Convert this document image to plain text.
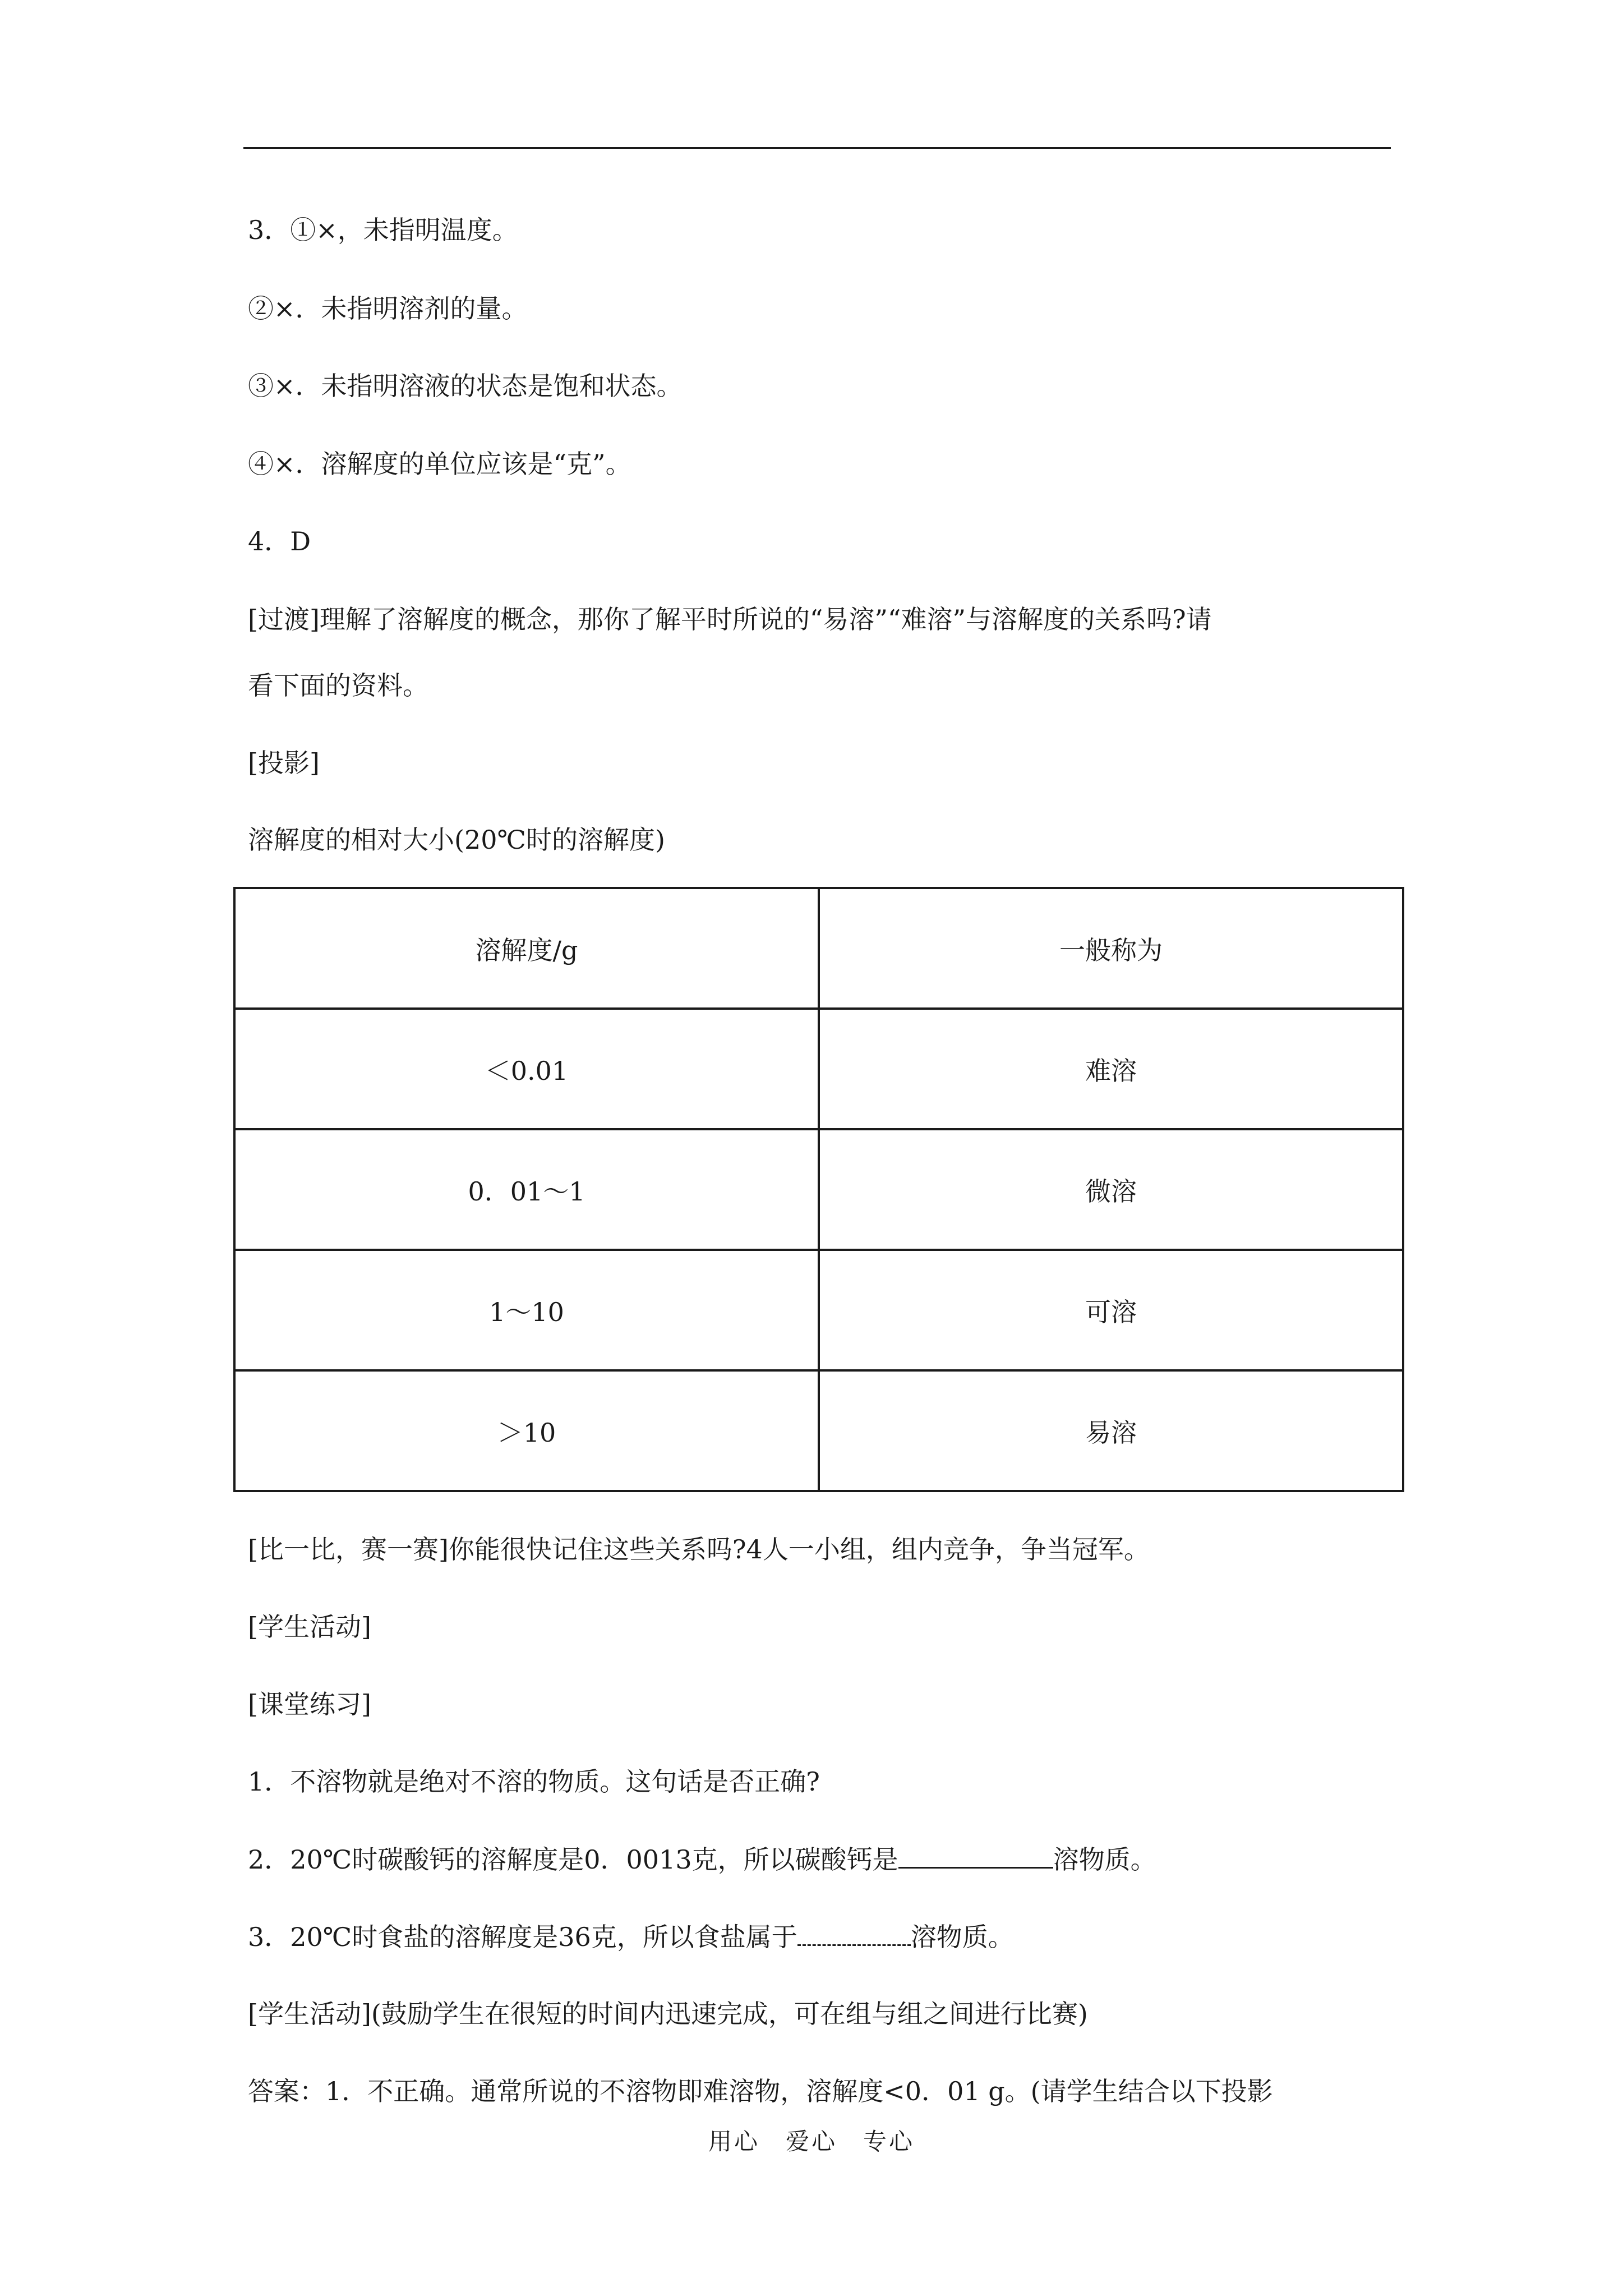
3．①×，未指明温度。
②×．未指明溶剂的量。
③×．未指明溶液的状态是饱和状态。
④×．溶解度的单位应该是“克”。
4．D
[过渡]理解了溶解度的概念，那你了解平时所说的“易溶”“难溶”与溶解度的关系吗?请
看下面的资料。
[投影]
溶解度的相对大小(20℃时的溶解度)
溶解度/g	一般称为
＜0.01	难溶
0．01～1	微溶
1～10	可溶
＞10	易溶
[比一比，赛一赛]你能很快记住这些关系吗?4人一小组，组内竞争，争当冠军。
[学生活动]
[课堂练习]
1．不溶物就是绝对不溶的物质。这句话是否正确?
2．20℃时碳酸钙的溶解度是0．0013克，所以碳酸钙是	溶物质。
3．20℃时食盐的溶解度是36克，所以食盐属于	溶物质。
[学生活动](鼓励学生在很短的时间内迅速完成，可在组与组之间进行比赛)
答案：1．不正确。通常所说的不溶物即难溶物，溶解度<0．01 g。(请学生结合以下投影
用心　爱心　专心
